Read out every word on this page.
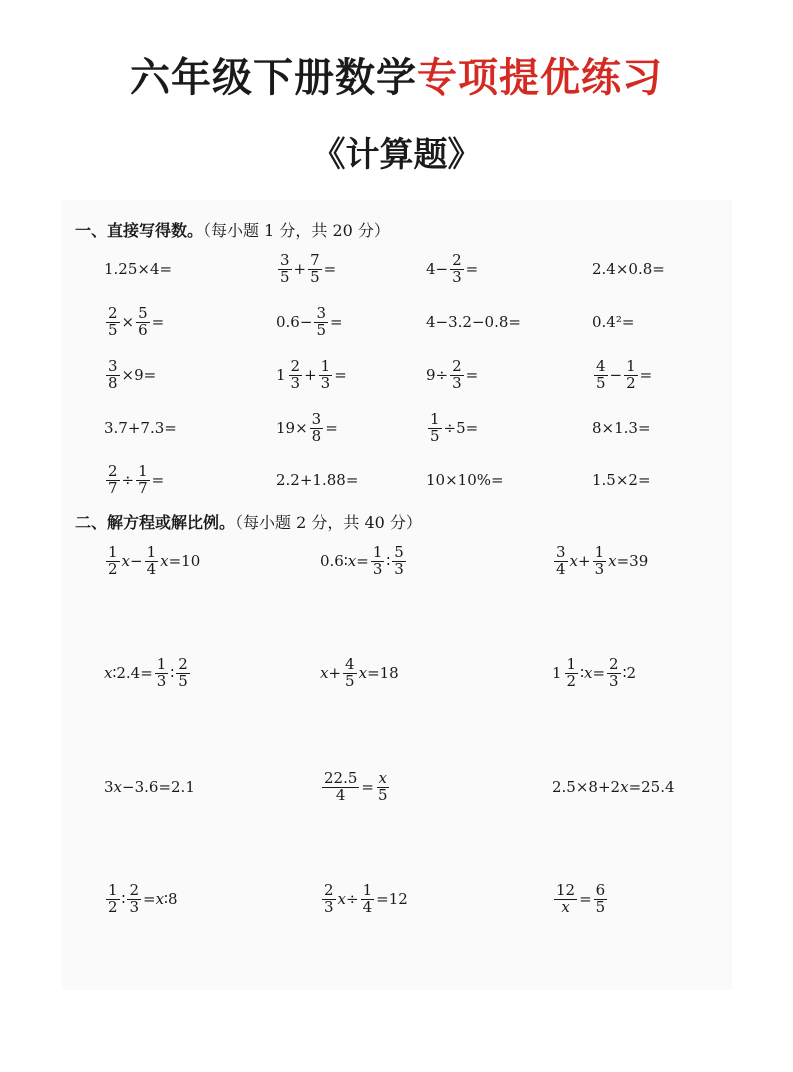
六年级下册数学专项提优练习
《计算题》
一、直接写得数。（每小题 1 分，共 20 分）
二、解方程或解比例。（每小题 2 分，共 40 分）
1.25×4=	$\frac{3}{5} + \frac{7}{5}$ =	$4- \frac{2}{3}$ =	2.4×0.8=
$\frac{2}{5} \times \frac{5}{6}$ =	$0.6- \frac{3}{5}$ =	4−3.2−0.8=	0.4²=
$\frac{3}{8} \times 9=$	$1 \frac{2}{3} + \frac{1}{3}$ =	$9\div \frac{2}{3}$ =	$\frac{4}{5} - \frac{1}{2}$ =
3.7+7.3=	$19\times \frac{3}{8}$ =	$\frac{1}{5} \div 5=$	8×1.3=
$\frac{2}{7} \div \frac{1}{7}$ =	2.2+1.88=	10×10%=	1.5×2=
$\frac{1}{2}$ $x - \frac{1}{4}$ x =10	0.6∶ $x = \frac{1}{3}$ ∶ $\frac{5}{3}$	$\frac{3}{4}$ $x + \frac{1}{3}$ x =39
x ∶2.4= $\frac{1}{3}$ ∶ $\frac{2}{5}$	$x + \frac{4}{5}$ x =18	$1 \frac{1}{2}$ ∶ $x = \frac{2}{3}$ ∶2
3 x −3.6=2.1	$\frac{22.5}{4} = \frac{x}{5}$	2.5×8+2 x =25.4
$\frac{1}{2}$ ∶ $\frac{2}{3} = x$ ∶8	$\frac{2}{3}$ $x \div \frac{1}{4} =12$	$\frac{12}{x} = \frac{6}{5}$
